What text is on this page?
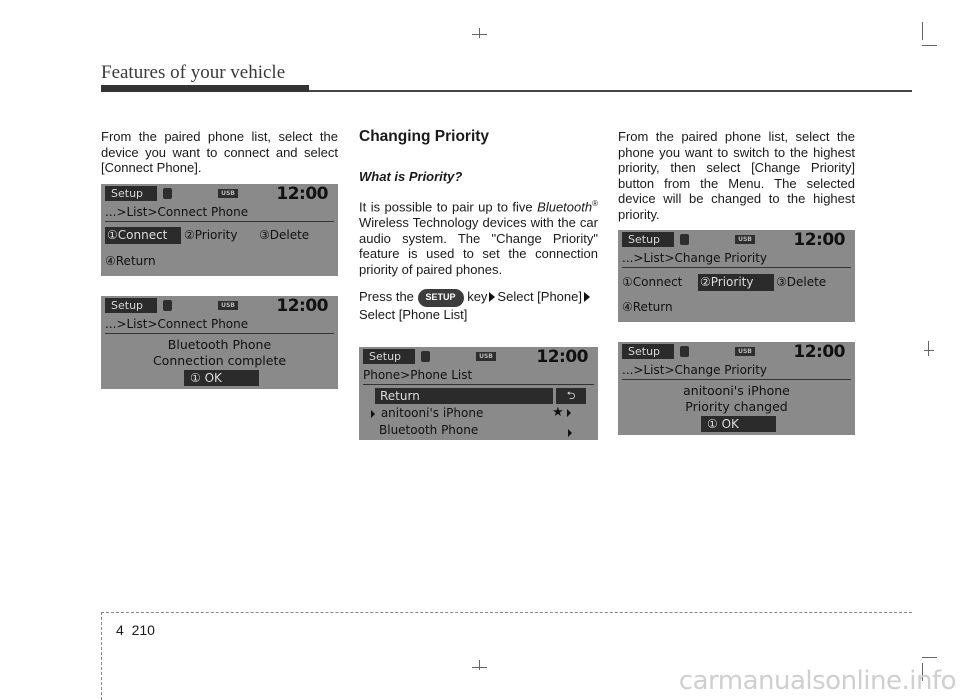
Features of your vehicle

From the paired phone list, select the device you want to connect and select [Connect Phone].

Setup	USB 12:00
...>List>Connect Phone
①Connect	②Priority ③Delete
④Return
Setup	USB 12:00
...>List>Connect Phone
Bluetooth Phone
Connection complete
① OK

Changing Priority

What is Priority?

It is possible to pair up to five Bluetooth® Wireless Technology devices with the car audio system. The "Change Priority" feature is used to set the connection priority of paired phones.

Press the SETUP key Select [Phone]Select [Phone List]

Setup	USB	12:00
Phone>Phone List
Return	⮌
anitooni's iPhone	★
Bluetooth Phone

From the paired phone list, select the phone you want to switch to the highest priority, then select [Change Priority] button from the Menu. The selected device will be changed to the highest priority.

Setup	USB 12:00
...>List>Change Priority
①Connect ②Priority	③Delete
④Return
Setup	USB 12:00
...>List>Change Priority
anitooni's iPhone
Priority changed
① OK
4 210
carmanualsonline.info
